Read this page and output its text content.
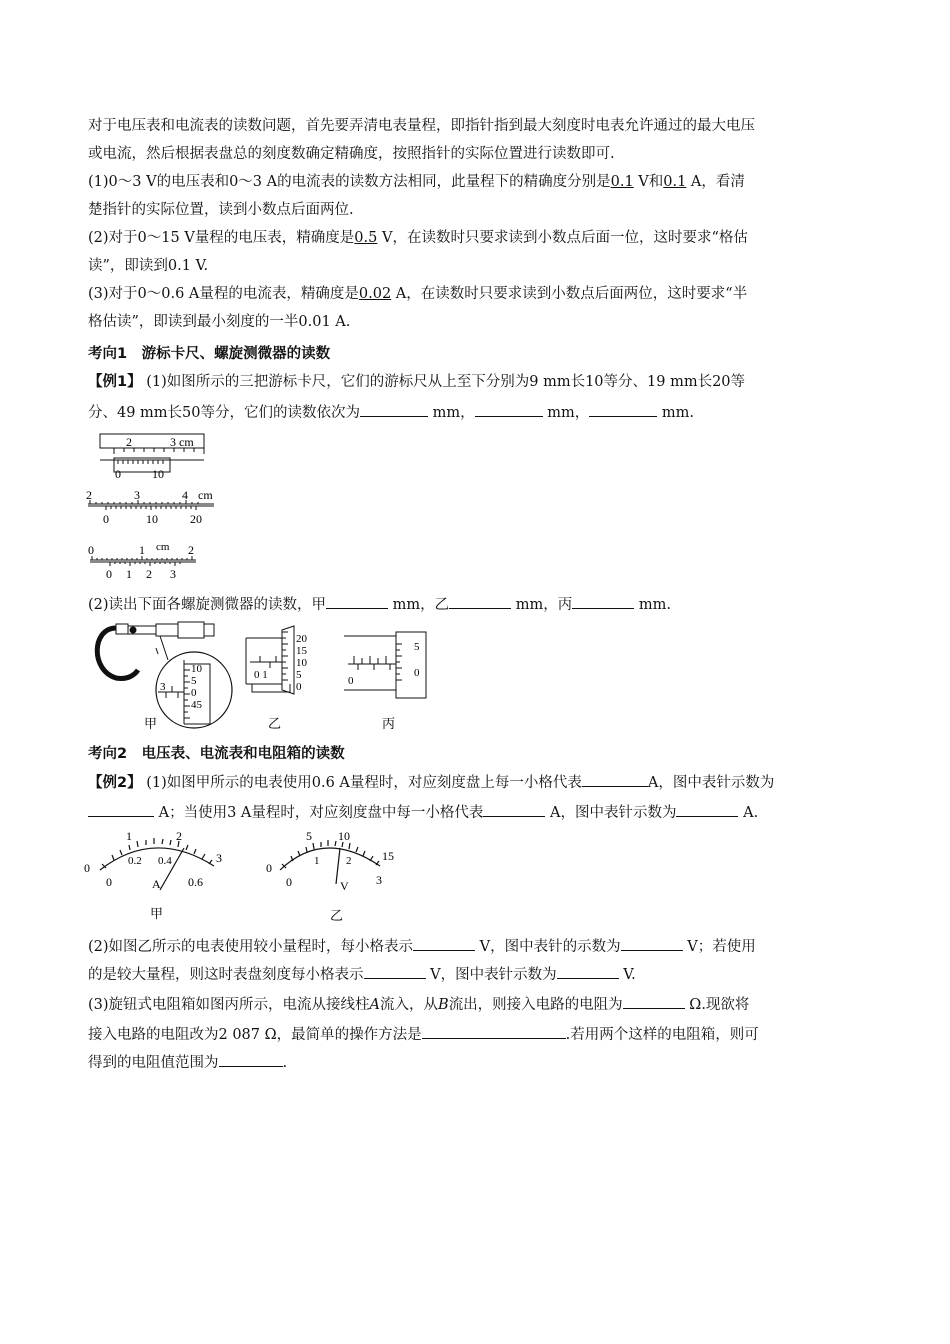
对于电压表和电流表的读数问题，首先要弄清电表量程，即指针指到最大刻度时电表允许通过的最大电压
或电流，然后根据表盘总的刻度数确定精确度，按照指针的实际位置进行读数即可.
(1)0～3 V的电压表和0～3 A的电流表的读数方法相同，此量程下的精确度分别是0.1 V和0.1 A，看清
楚指针的实际位置，读到小数点后面两位.
(2)对于0～15 V量程的电压表，精确度是0.5 V，在读数时只要求读到小数点后面一位，这时要求“格估
读”，即读到0.1 V.
(3)对于0～0.6 A量程的电流表，精确度是0.02 A，在读数时只要求读到小数点后面两位，这时要求“半
格估读”，即读到最小刻度的一半0.01 A.
考向1　游标卡尺、螺旋测微器的读数
【例1】 (1)如图所示的三把游标卡尺，它们的游标尺从上至下分别为9 mm长10等分、19 mm长20等
分、49 mm长50等分，它们的读数依次为	mm，	mm，	mm.
2	3 cm
0	10
2	3	4 cm
0	10	20
0	1 cm 2
0 1 2 3
(2)读出下面各螺旋测微器的读数，甲	mm，乙	mm，丙	mm.
10
5
0
45
3
甲
20
15
10
5
0
0 1
乙
5
0
0
丙
考向2　电压表、电流表和电阻箱的读数
【例2】 (1)如图甲所示的电表使用0.6 A量程时，对应刻度盘上每一小格代表	A，图中表针示数为
A；当使用3 A量程时，对应刻度盘中每一小格代表	A，图中表针示数为	A.
1	2
0	0.2 0.4	3
0	0.6
A
甲
5 10
0	1 2	15
0	3
V
乙
(2)如图乙所示的电表使用较小量程时，每小格表示	V，图中表针的示数为	V；若使用
的是较大量程，则这时表盘刻度每小格表示	V，图中表针示数为	V.
(3)旋钮式电阻箱如图丙所示，电流从接线柱A流入，从B流出，则接入电路的电阻为	Ω.现欲将
接入电路的电阻改为2 087 Ω，最简单的操作方法是	.若用两个这样的电阻箱，则可
得到的电阻值范围为	.
